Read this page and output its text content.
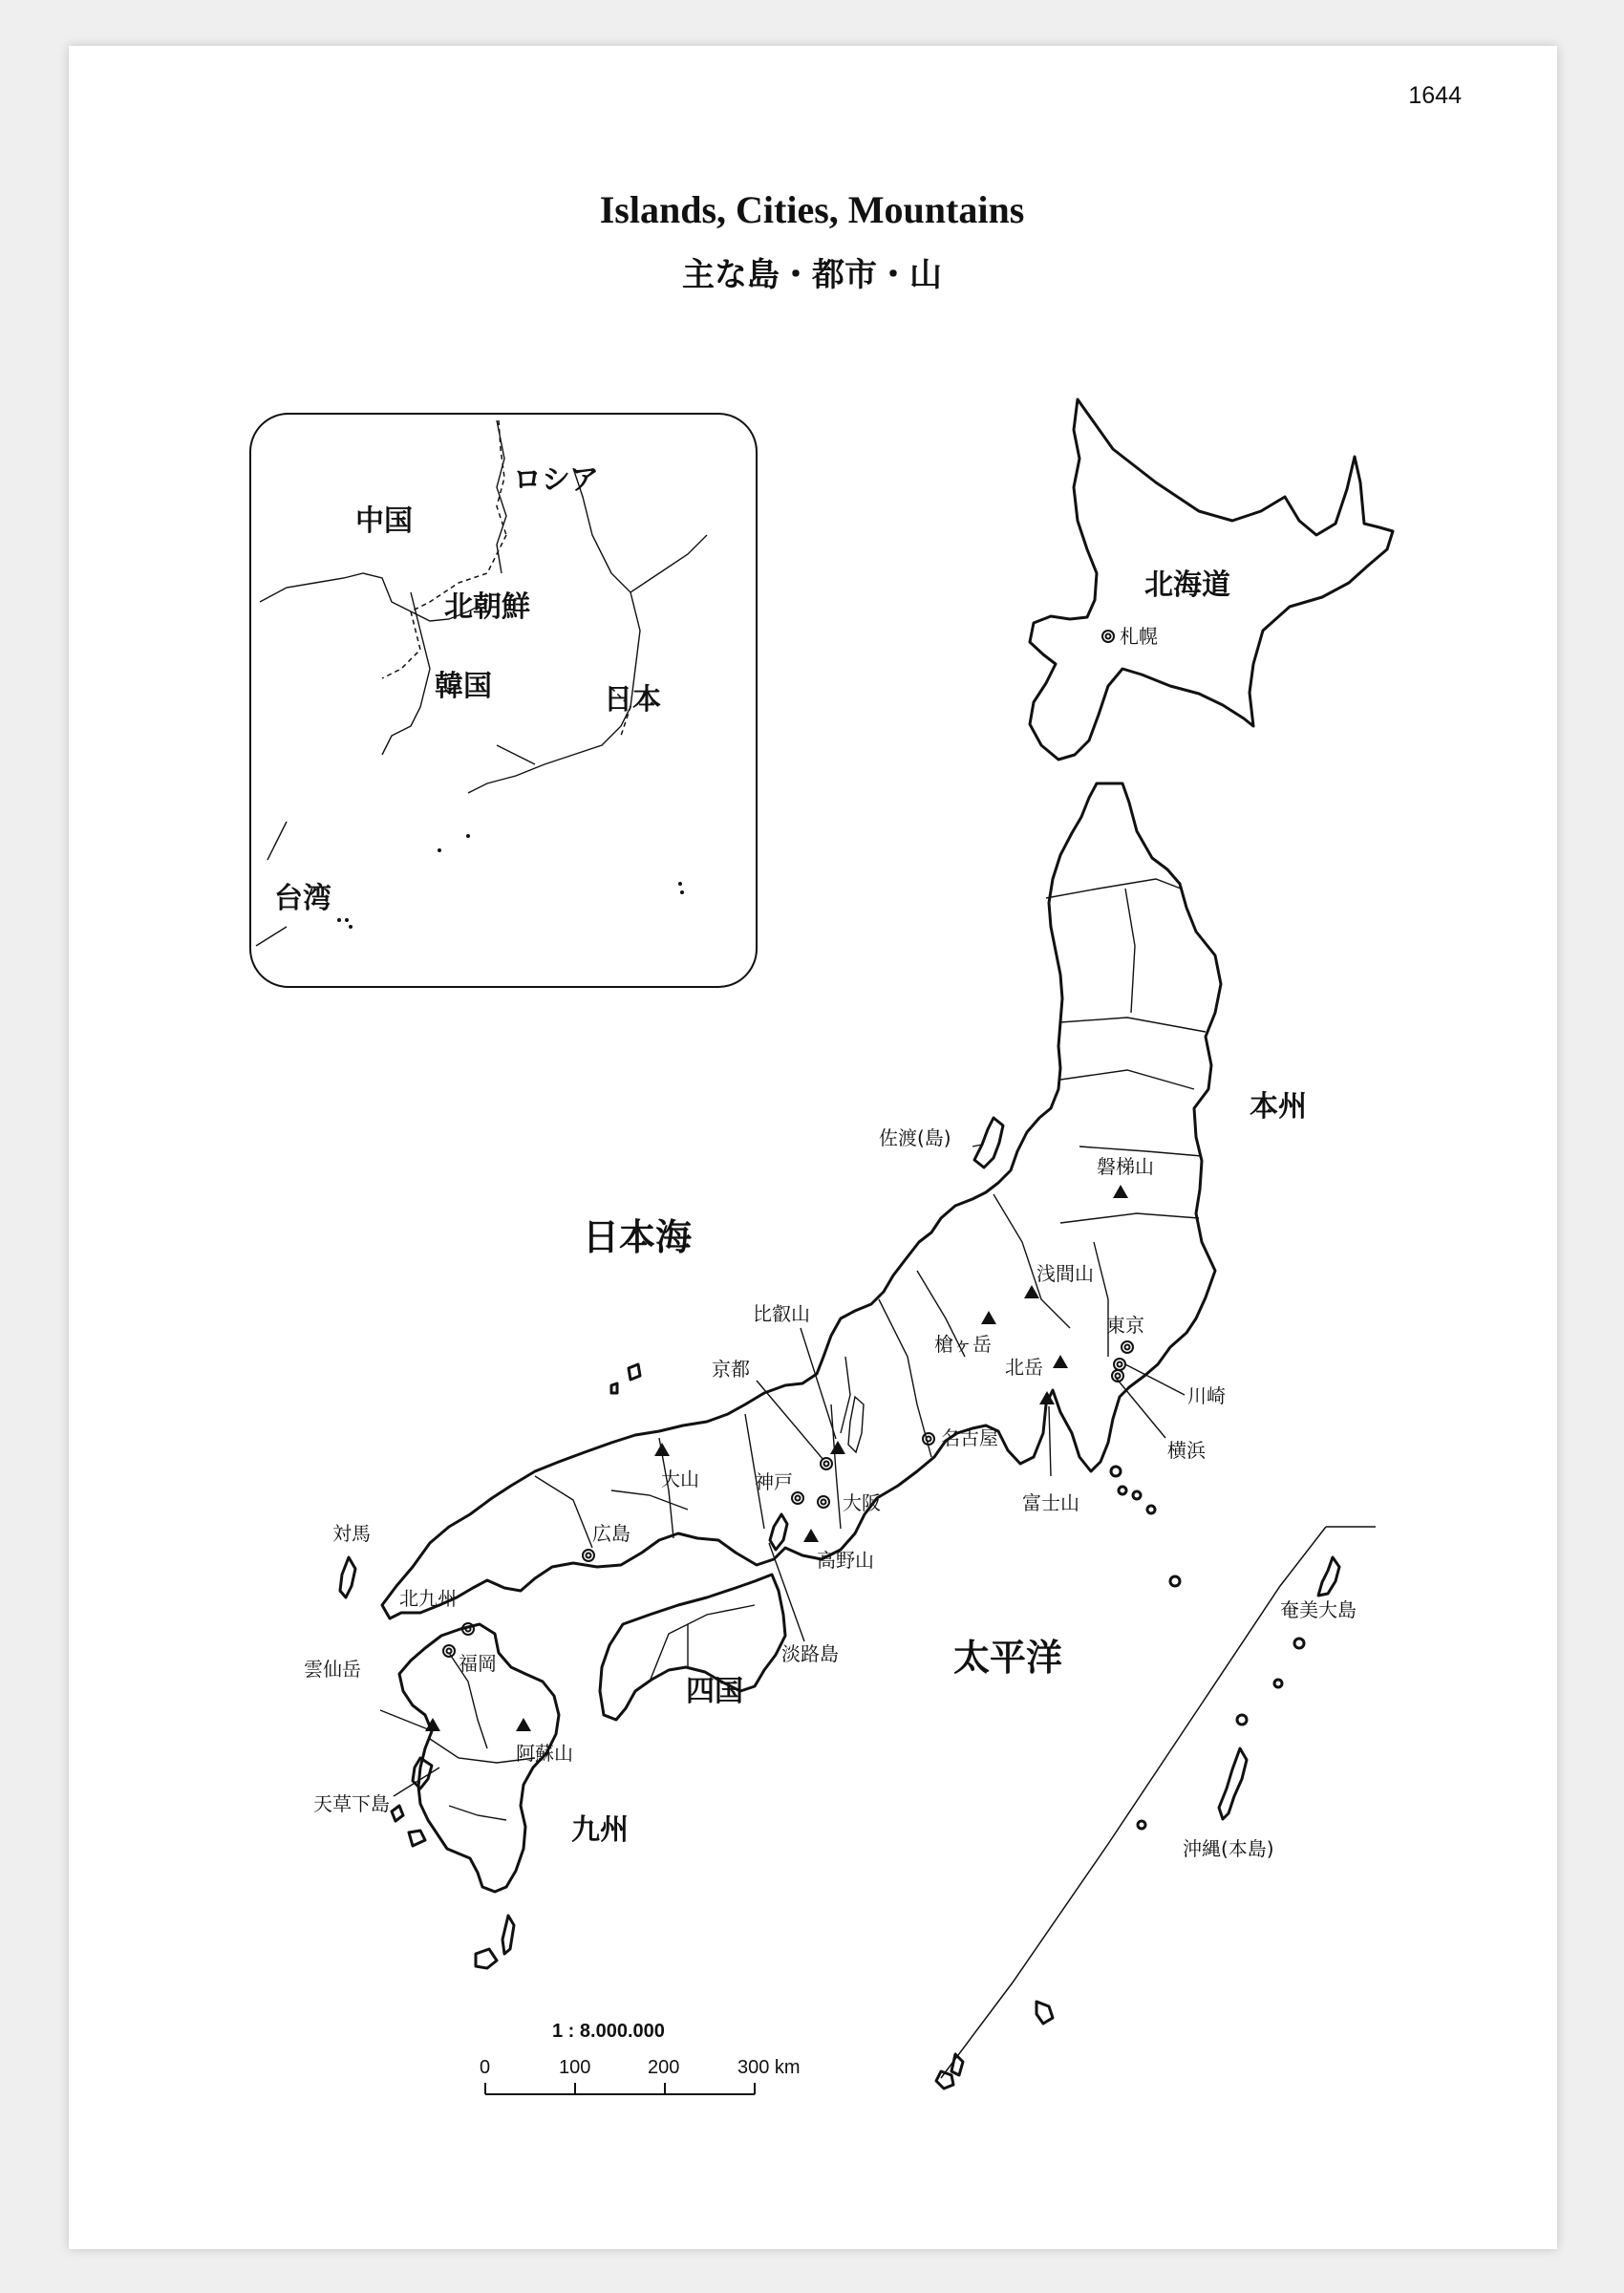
1644
Islands, Cities, Mountains
主な島・都市・山
ロシア
中国
北朝鮮
韓国	日本
台湾
北海道
本州
四国
九州
日本海
太平洋
佐渡(島)
対馬
淡路島
天草下島
奄美大島
沖縄(本島)
札幌
東京
川崎
横浜
名古屋
京都
神戸
大阪
広島
北九州
福岡
磐梯山
浅間山
槍ヶ岳
北岳
富士山
比叡山
大山
高野山
雲仙岳
阿蘇山
1 : 8.000.000
0	100	200	300 km
